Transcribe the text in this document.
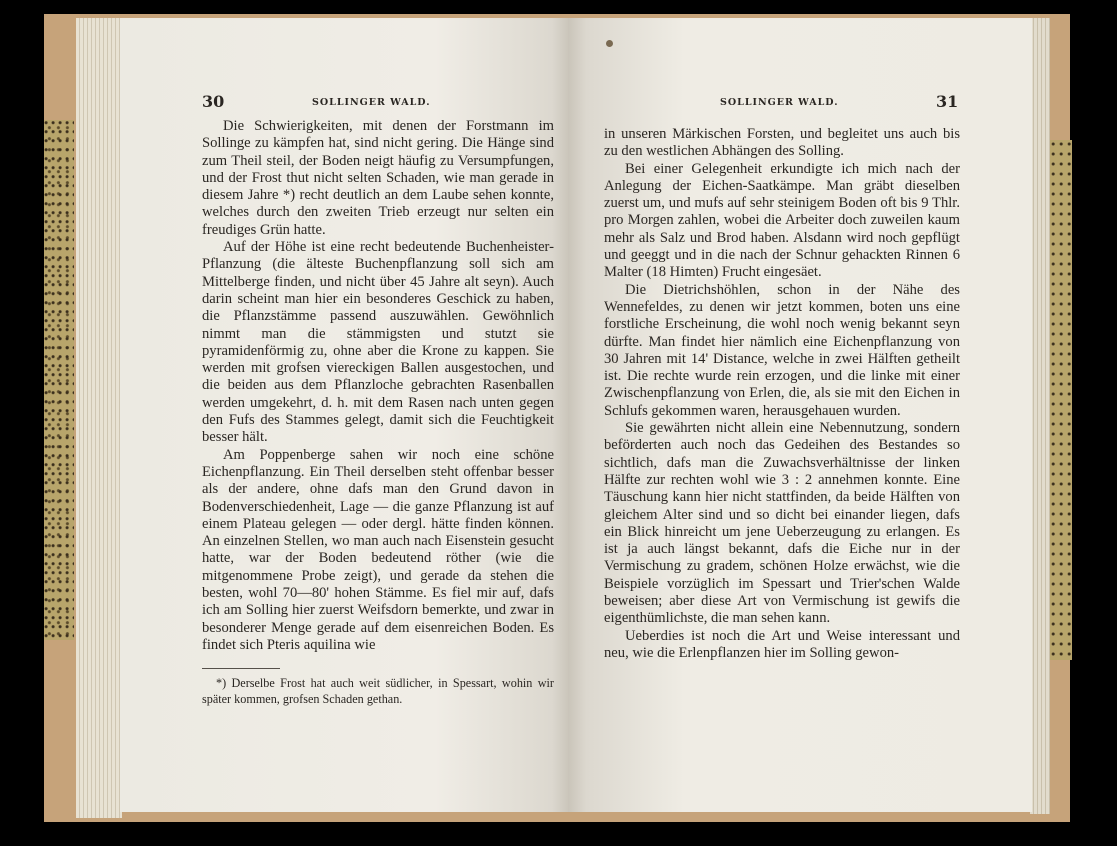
30	SOLLINGER WALD.

Die Schwierigkeiten, mit denen der Forstmann im Sollinge zu kämpfen hat, sind nicht gering. Die Hänge sind zum Theil steil, der Boden neigt häufig zu Versumpfungen, und der Frost thut nicht selten Schaden, wie man gerade in diesem Jahre *) recht deutlich an dem Laube sehen konnte, welches durch den zweiten Trieb erzeugt nur selten ein freudiges Grün hatte.

Auf der Höhe ist eine recht bedeutende Buchenheister-Pflanzung (die älteste Buchenpflanzung soll sich am Mittelberge finden, und nicht über 45 Jahre alt seyn). Auch darin scheint man hier ein besonderes Geschick zu haben, die Pflanzstämme passend auszuwählen. Gewöhnlich nimmt man die stämmigsten und stutzt sie pyramidenförmig zu, ohne aber die Krone zu kappen. Sie werden mit grofsen viereckigen Ballen ausgestochen, und die beiden aus dem Pflanzloche gebrachten Rasenballen werden umgekehrt, d. h. mit dem Rasen nach unten gegen den Fufs des Stammes gelegt, damit sich die Feuchtigkeit besser hält.

Am Poppenberge sahen wir noch eine schöne Eichenpflanzung. Ein Theil derselben steht offenbar besser als der andere, ohne dafs man den Grund davon in Bodenverschiedenheit, Lage — die ganze Pflanzung ist auf einem Plateau gelegen — oder dergl. hätte finden können. An einzelnen Stellen, wo man auch nach Eisenstein gesucht hatte, war der Boden bedeutend röther (wie die mitgenommene Probe zeigt), und gerade da stehen die besten, wohl 70—80' hohen Stämme. Es fiel mir auf, dafs ich am Solling hier zuerst Weifsdorn bemerkte, und zwar in besonderer Menge gerade auf dem eisenreichen Boden. Es findet sich Pteris aquilina wie

*) Derselbe Frost hat auch weit südlicher, in Spessart, wohin wir später kommen, grofsen Schaden gethan.

SOLLINGER WALD.	31

in unseren Märkischen Forsten, und begleitet uns auch bis zu den westlichen Abhängen des Solling.

Bei einer Gelegenheit erkundigte ich mich nach der Anlegung der Eichen-Saatkämpe. Man gräbt dieselben zuerst um, und mufs auf sehr steinigem Boden oft bis 9 Thlr. pro Morgen zahlen, wobei die Arbeiter doch zuweilen kaum mehr als Salz und Brod haben. Alsdann wird noch gepflügt und geeggt und in die nach der Schnur gehackten Rinnen 6 Malter (18 Himten) Frucht eingesäet.

Die Dietrichshöhlen, schon in der Nähe des Wennefeldes, zu denen wir jetzt kommen, boten uns eine forstliche Erscheinung, die wohl noch wenig bekannt seyn dürfte. Man findet hier nämlich eine Eichenpflanzung von 30 Jahren mit 14' Distance, welche in zwei Hälften getheilt ist. Die rechte wurde rein erzogen, und die linke mit einer Zwischenpflanzung von Erlen, die, als sie mit den Eichen in Schlufs gekommen waren, herausgehauen wurden.

Sie gewährten nicht allein eine Nebennutzung, sondern beförderten auch noch das Gedeihen des Bestandes so sichtlich, dafs man die Zuwachsverhältnisse der linken Hälfte zur rechten wohl wie 3 : 2 annehmen konnte. Eine Täuschung kann hier nicht stattfinden, da beide Hälften von gleichem Alter sind und so dicht bei einander liegen, dafs ein Blick hinreicht um jene Ueberzeugung zu erlangen. Es ist ja auch längst bekannt, dafs die Eiche nur in der Vermischung zu gradem, schönen Holze erwächst, wie die Beispiele vorzüglich im Spessart und Trier'schen Walde beweisen; aber diese Art von Vermischung ist gewifs die eigenthümlichste, die man sehen kann.

Ueberdies ist noch die Art und Weise interessant und neu, wie die Erlenpflanzen hier im Solling gewon-
